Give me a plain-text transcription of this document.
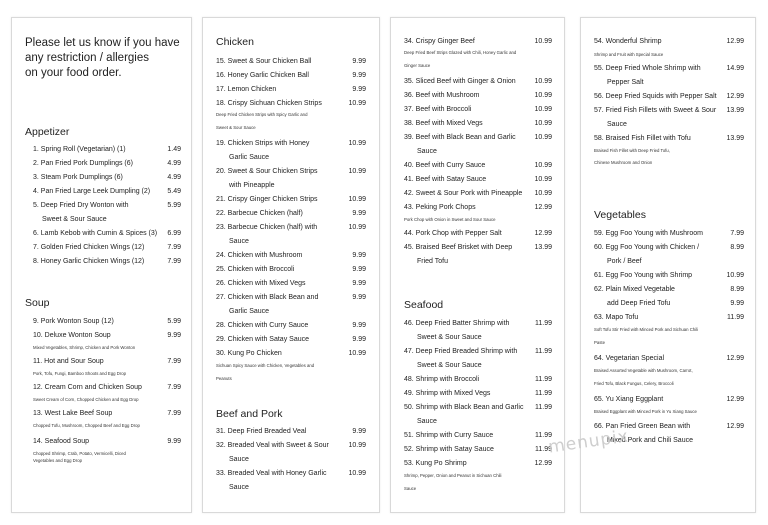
Please let us know if you have
any restriction / allergies
on your food order.
Appetizer
1. Spring Roll (Vegetarian) (1)	1.49
2. Pan Fried Pork Dumplings (6)	4.99
3. Steam Pork Dumplings (6)	4.99
4. Pan Fried Large Leek Dumpling (2) 5.49
5. Deep Fried Dry Wonton with	5.99
Sweet & Sour Sauce
6. Lamb Kebob with Cumin & Spices (3) 6.99
7. Golden Fried Chicken Wings (12)	7.99
8. Honey Garlic Chicken Wings (12)	7.99
Soup
9. Pork Wonton Soup (12)	5.99
10. Deluxe Wonton Soup	9.99
Mixed Vegetables, Shrimp, Chicken and Pork Wonton
11. Hot and Sour Soup	7.99
Pork, Tofu, Fungi, Bamboo Shoots and Egg Drop
12. Cream Corn and Chicken Soup	7.99
Sweet Cream of Corn, Chopped Chicken and Egg Drop
13. West Lake Beef Soup	7.99
Chopped Tofu, Mushroom, Chopped Beef and Egg Drop
14. Seafood Soup	9.99
Chopped Shrimp, Crab, Potato, Vermicelli, Diced
Vegetables and Egg Drop
Chicken
15. Sweet & Sour Chicken Ball	9.99
16. Honey Garlic Chicken Ball	9.99
17. Lemon Chicken	9.99
18. Crispy Sichuan Chicken Strips	10.99
Deep Fried Chicken Strips with Spicy Garlic and
Sweet & Sour Sauce
19. Chicken Strips with Honey	10.99
Garlic Sauce
20. Sweet & Sour Chicken Strips	10.99
with Pineapple
21. Crispy Ginger Chicken Strips	10.99
22. Barbecue Chicken (half)	9.99
23. Barbecue Chicken (half) with	10.99
Sauce
24. Chicken with Mushroom	9.99
25. Chicken with Broccoli	9.99
26. Chicken with Mixed Vegs	9.99
27. Chicken with Black Bean and	9.99
Garlic Sauce
28. Chicken with Curry Sauce	9.99
29. Chicken with Satay Sauce	9.99
30. Kung Po Chicken	10.99
Sichuan Spicy Sauce with Chicken, Vegetables and
Peanuts
Beef and Pork
31. Deep Fried Breaded Veal	9.99
32. Breaded Veal with Sweet & Sour	10.99
Sauce
33. Breaded Veal with Honey Garlic	10.99
Sauce
34. Crispy Ginger Beef	10.99
Deep Fried Beef Strips Glazed with Chili, Honey Garlic and
Ginger Sauce
35. Sliced Beef with Ginger & Onion	10.99
36. Beef with Mushroom	10.99
37. Beef with Broccoli	10.99
38. Beef with Mixed Vegs	10.99
39. Beef with Black Bean and Garlic	10.99
Sauce
40. Beef with Curry Sauce	10.99
41. Beef with Satay Sauce	10.99
42. Sweet & Sour Pork with Pineapple 10.99
43. Peking Pork Chops	12.99
Pork Chop with Onion in Sweet and Sour Sauce
44. Pork Chop with Pepper Salt	12.99
45. Braised Beef Brisket with Deep	13.99
Fried Tofu
Seafood
46. Deep Fried Batter Shrimp with	11.99
Sweet & Sour Sauce
47. Deep Fried Breaded Shrimp with	11.99
Sweet & Sour Sauce
48. Shrimp with Broccoli	11.99
49. Shrimp with Mixed Vegs	11.99
50. Shrimp with Black Bean and Garlic 11.99
Sauce
51. Shrimp with Curry Sauce	11.99
52. Shrimp with Satay Sauce	11.99
53. Kung Po Shrimp	12.99
Shrimp, Pepper, Onion and Peanut in Sichuan Chili
Sauce
54. Wonderful Shrimp	12.99
Shrimp and Fruit with Special Sauce
55. Deep Fried Whole Shrimp with	14.99
Pepper Salt
56. Deep Fried Squids with Pepper Salt 12.99
57. Fried Fish Fillets with Sweet & Sour 13.99
Sauce
58. Braised Fish Fillet with Tofu	13.99
Braised Fish Fillet with Deep Fried Tofu,
Chinese Mushroom and Onion
Vegetables
59. Egg Foo Young with Mushroom	7.99
60. Egg Foo Young with Chicken /	8.99
Pork / Beef
61. Egg Foo Young with Shrimp	10.99
62. Plain Mixed Vegetable	8.99
add Deep Fried Tofu	9.99
63. Mapo Tofu	11.99
Soft Tofu Stir Fried with Minced Pork and Sichuan Chili
Paste
64. Vegetarian Special	12.99
Braised Assorted Vegetable with Mushroom, Carrot,
Fried Tofu, Black Fungus, Celery, Broccoli
65. Yu Xiang Eggplant	12.99
Braised Eggplant with Minced Pork in Yu Xiang Sauce
66. Pan Fried Green Bean with	12.99
Mixed Pork and Chili Sauce
menupix
